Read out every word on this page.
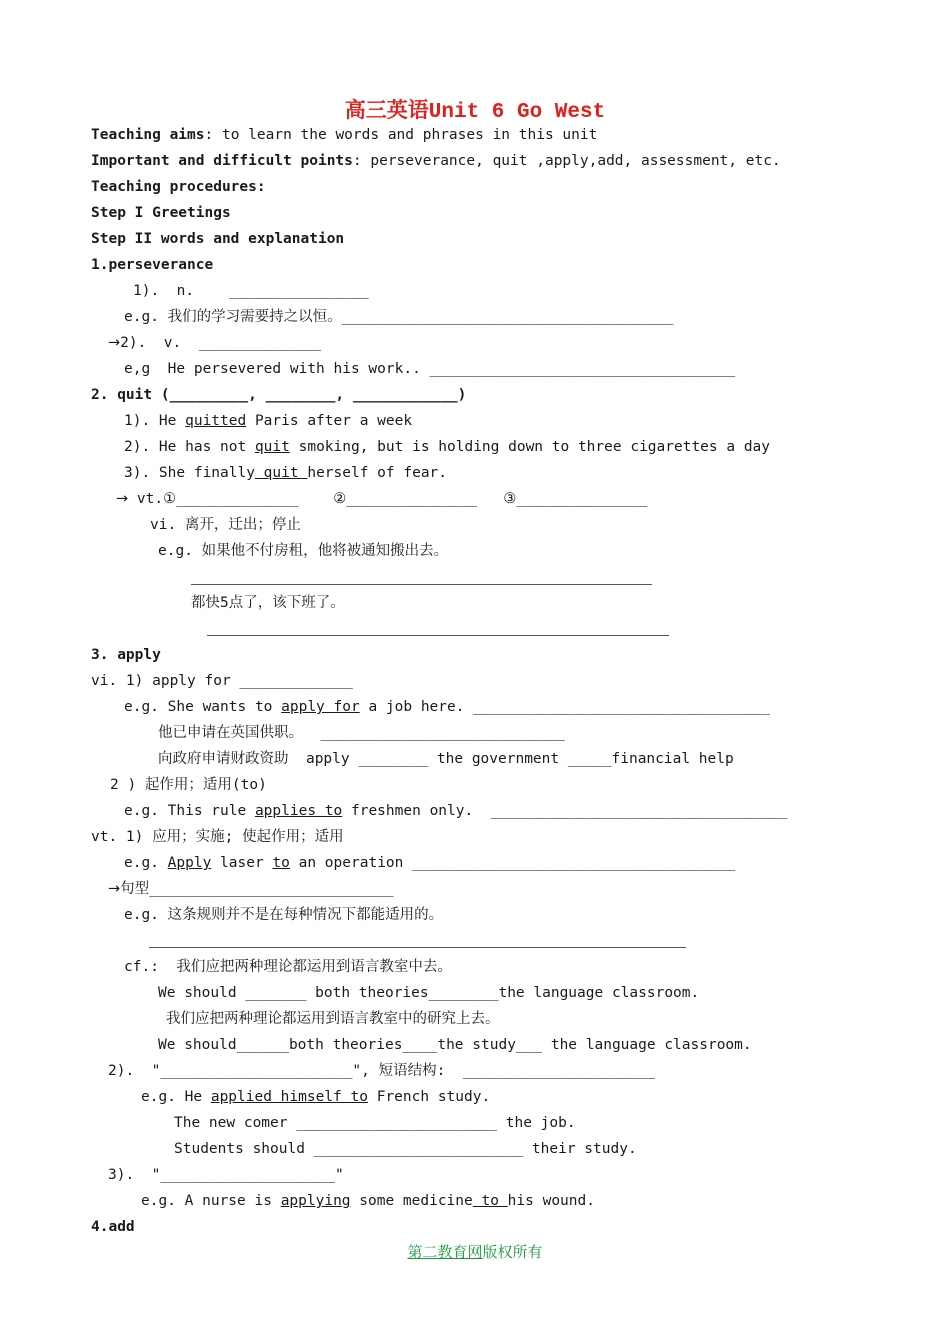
高三英语Unit 6 Go West
Teaching aims: to learn the words and phrases in this unit
Important and difficult points: perseverance, quit ,apply,add, assessment, etc.
Teaching procedures:
Step I Greetings
Step II words and explanation
1.perseverance
1).  n.    ________________
e.g. 我们的学习需要持之以恒。______________________________________
→2).  v.  ______________
e,g  He persevered with his work.. ___________________________________
2. quit (_________, ________, ____________)
1). He quitted Paris after a week
2). He has not quit smoking, but is holding down to three cigarettes a day
3). She finally quit herself of fear.
→ vt.①______________    ②_______________   ③_______________
vi. 离开，迁出；停止
e.g. 如果他不付房租，他将被通知搬出去。
都快5点了，该下班了。
3. apply
vi. 1) apply for _____________
e.g. She wants to apply for a job here. __________________________________
他已申请在英国供职。  ____________________________
向政府申请财政资助  apply ________ the government _____financial help
2 ) 起作用；适用(to)
e.g. This rule applies to freshmen only.  __________________________________
vt. 1) 应用；实施; 使起作用；适用
e.g. Apply laser to an operation _____________________________________
→句型____________________________
e.g. 这条规则并不是在每种情况下都能适用的。
cf.:  我们应把两种理论都运用到语言教室中去。
We should _______ both theories________the language classroom.
我们应把两种理论都运用到语言教室中的研究上去。
We should______both theories____the study___ the language classroom.
2).  "______________________", 短语结构:  ______________________
e.g. He applied himself to French study.
The new comer _______________________ the job.
Students should ________________________ their study.
3).  "____________________"
e.g. A nurse is applying some medicine to his wound.
4.add
第二教育网版权所有
